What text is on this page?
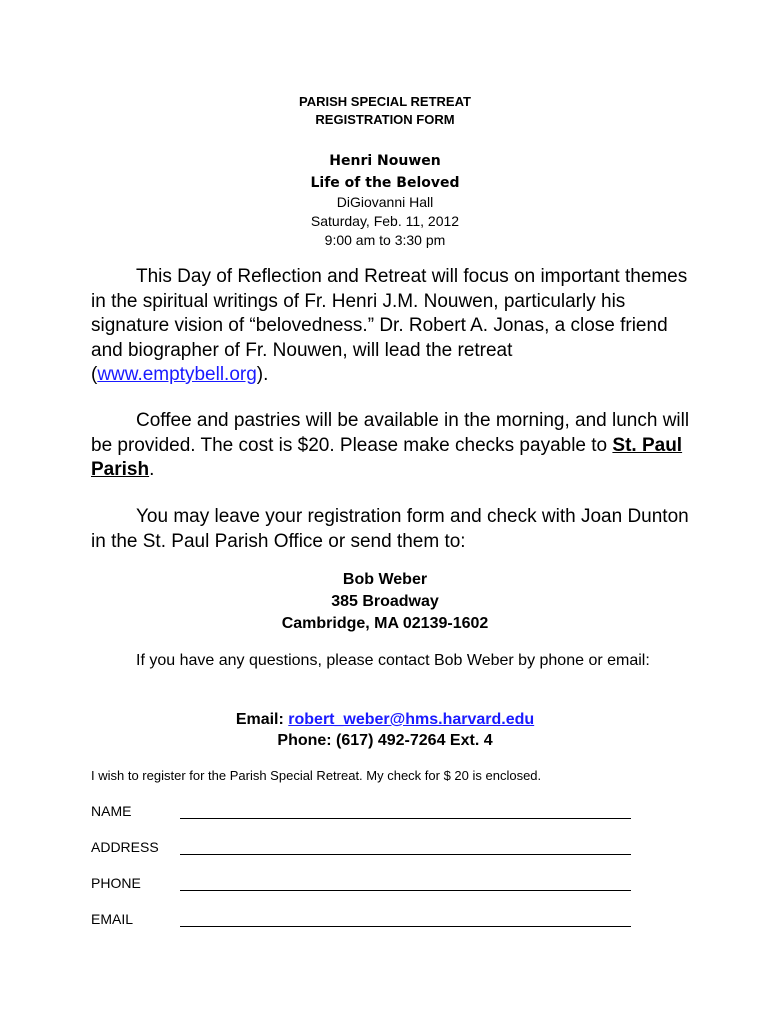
PARISH SPECIAL RETREAT
REGISTRATION FORM
Henri Nouwen
Life of the Beloved
DiGiovanni Hall
Saturday, Feb. 11, 2012
9:00 am to 3:30 pm

This Day of Reflection and Retreat will focus on important themes in the spiritual writings of Fr. Henri J.M. Nouwen, particularly his signature vision of “belovedness.” Dr. Robert A. Jonas, a close friend and biographer of Fr. Nouwen, will lead the retreat (www.emptybell.org).

Coffee and pastries will be available in the morning, and lunch will be provided. The cost is $20. Please make checks payable to St. Paul Parish.

You may leave your registration form and check with Joan Dunton in the St. Paul Parish Office or send them to:

Bob Weber
385 Broadway
Cambridge, MA 02139-1602

If you have any questions, please contact Bob Weber by phone or email:

Email: robert_weber@hms.harvard.edu
Phone: (617) 492-7264 Ext. 4
I wish to register for the Parish Special Retreat. My check for $ 20 is enclosed.
NAME
ADDRESS
PHONE
EMAIL
